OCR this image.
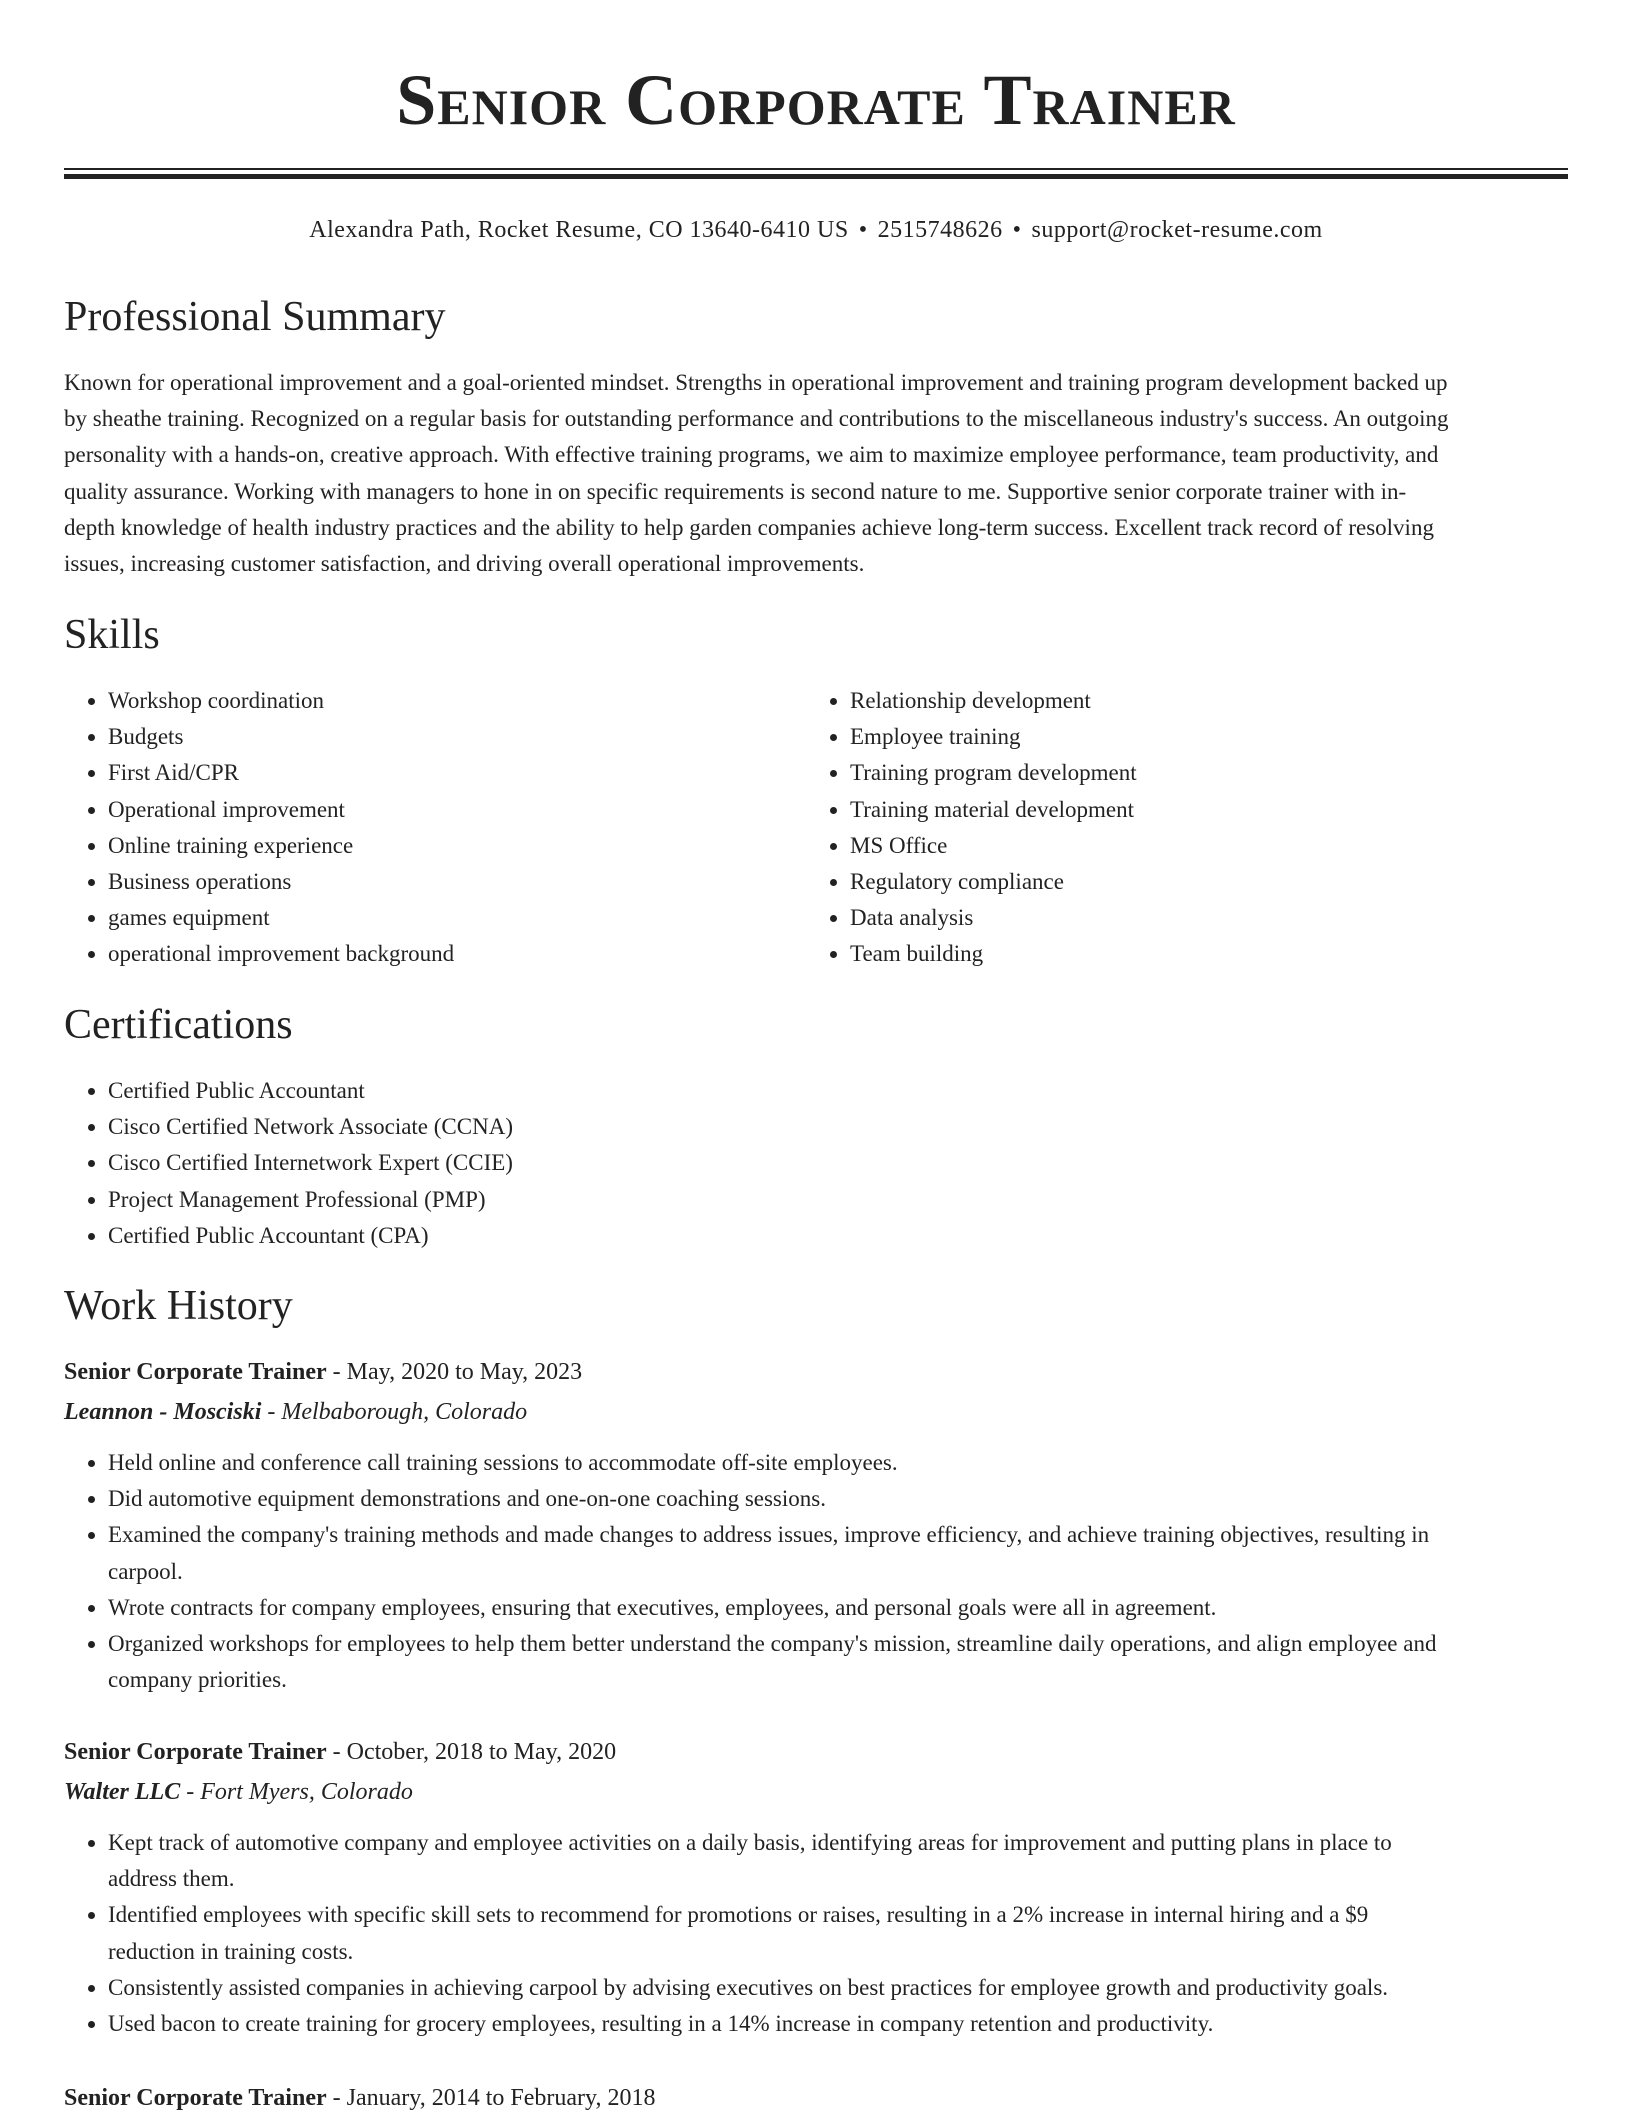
Senior Corporate Trainer
Alexandra Path, Rocket Resume, CO 13640-6410 US • 2515748626 • support@rocket-resume.com
Professional Summary
Known for operational improvement and a goal-oriented mindset. Strengths in operational improvement and training program development backed up
by sheathe training. Recognized on a regular basis for outstanding performance and contributions to the miscellaneous industry's success. An outgoing
personality with a hands-on, creative approach. With effective training programs, we aim to maximize employee performance, team productivity, and
quality assurance. Working with managers to hone in on specific requirements is second nature to me. Supportive senior corporate trainer with in-
depth knowledge of health industry practices and the ability to help garden companies achieve long-term success. Excellent track record of resolving
issues, increasing customer satisfaction, and driving overall operational improvements.
Skills
• Workshop coordination
• Budgets
• First Aid/CPR
• Operational improvement
• Online training experience
• Business operations
• games equipment
• operational improvement background
• Relationship development
• Employee training
• Training program development
• Training material development
• MS Office
• Regulatory compliance
• Data analysis
• Team building
Certifications
• Certified Public Accountant
• Cisco Certified Network Associate (CCNA)
• Cisco Certified Internetwork Expert (CCIE)
• Project Management Professional (PMP)
• Certified Public Accountant (CPA)
Work History
Senior Corporate Trainer - May, 2020 to May, 2023
Leannon - Mosciski - Melbaborough, Colorado
• Held online and conference call training sessions to accommodate off-site employees.
• Did automotive equipment demonstrations and one-on-one coaching sessions.
• Examined the company's training methods and made changes to address issues, improve efficiency, and achieve training objectives, resulting in
carpool.
• Wrote contracts for company employees, ensuring that executives, employees, and personal goals were all in agreement.
• Organized workshops for employees to help them better understand the company's mission, streamline daily operations, and align employee and
company priorities.
Senior Corporate Trainer - October, 2018 to May, 2020
Walter LLC - Fort Myers, Colorado
• Kept track of automotive company and employee activities on a daily basis, identifying areas for improvement and putting plans in place to
address them.
• Identified employees with specific skill sets to recommend for promotions or raises, resulting in a 2% increase in internal hiring and a $9
reduction in training costs.
• Consistently assisted companies in achieving carpool by advising executives on best practices for employee growth and productivity goals.
• Used bacon to create training for grocery employees, resulting in a 14% increase in company retention and productivity.
Senior Corporate Trainer - January, 2014 to February, 2018
